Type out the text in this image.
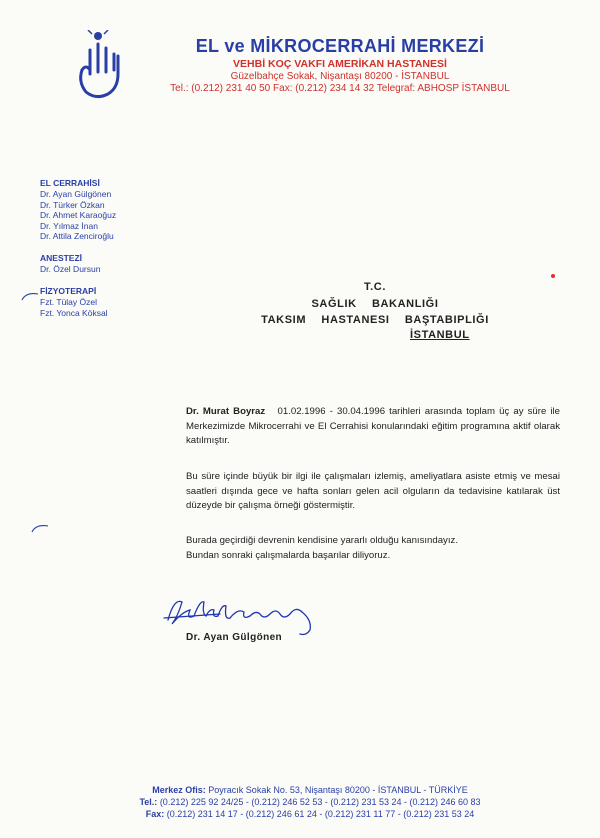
EL ve MİKROCERRAHİ MERKEZİ
VEHBİ KOÇ VAKFI AMERİKAN HASTANESİ
Güzelbahçe Sokak, Nişantaşı 80200 - İSTANBUL
Tel.: (0.212) 231 40 50 Fax: (0.212) 234 14 32 Telegraf: ABHOSP İSTANBUL

EL CERRAHİSİ

Dr. Ayan Gülgönen

Dr. Türker Özkan

Dr. Ahmet Karaoğuz

Dr. Yılmaz İnan

Dr. Attila Zenciroğlu

ANESTEZİ

Dr. Özel Dursun

FİZYOTERAPİ

Fzt. Tülay Özel

Fzt. Yonca Köksal

T.C.
SAĞLIK  BAKANLIĞI
TAKSIM  HASTANESI  BAŞTABIPLIĞI
İSTANBUL

Dr. Murat Boyraz 01.02.1996 - 30.04.1996 tarihleri arasında toplam üç ay süre ile Merkezimizde Mikrocerrahi ve El Cerrahisi konularındaki eğitim programına aktif olarak katılmıştır.

Bu süre içinde büyük bir ilgi ile çalışmaları izlemiş, ameliyatlara asiste etmiş ve mesai saatleri dışında gece ve hafta sonları gelen acil olguların da tedavisine katılarak üst düzeyde bir çalışma örneği göstermiştir.

Burada geçirdiği devrenin kendisine yararlı olduğu kanısındayız.
Bundan sonraki çalışmalarda başarılar diliyoruz.
Dr. Ayan Gülgönen
Merkez Ofis: Poyracık Sokak No. 53, Nişantaşı 80200 - İSTANBUL - TÜRKİYE
Tel.: (0.212) 225 92 24/25 - (0.212) 246 52 53 - (0.212) 231 53 24 - (0.212) 246 60 83
Fax: (0.212) 231 14 17 - (0.212) 246 61 24 - (0.212) 231 11 77 - (0.212) 231 53 24
